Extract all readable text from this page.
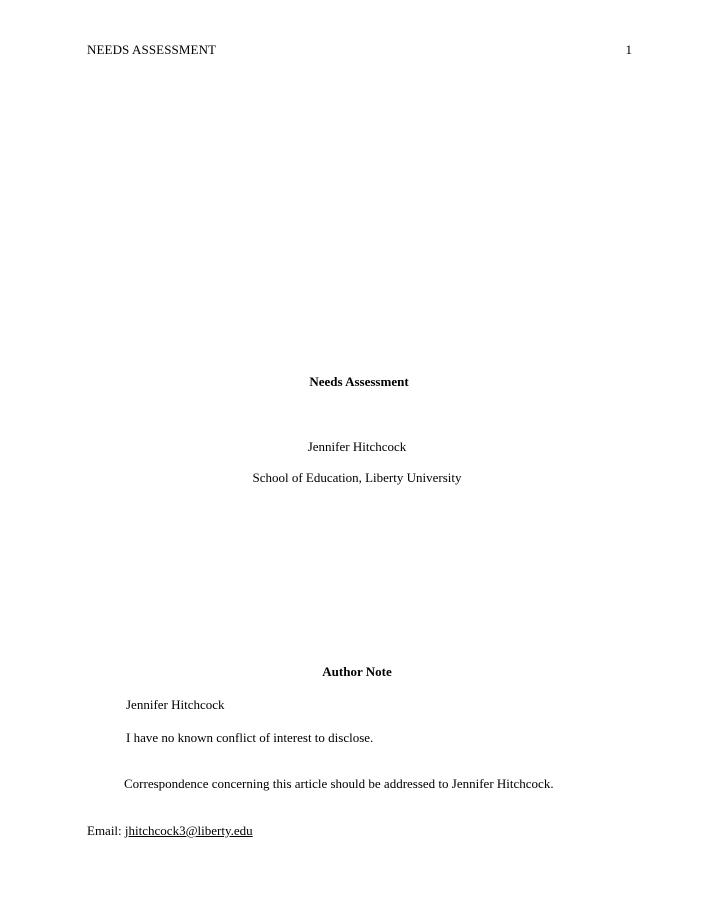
NEEDS ASSESSMENT	1
Needs Assessment
Jennifer Hitchcock
School of Education, Liberty University
Author Note
Jennifer Hitchcock
I have no known conflict of interest to disclose.
Correspondence concerning this article should be addressed to Jennifer Hitchcock.
Email: jhitchcock3@liberty.edu
